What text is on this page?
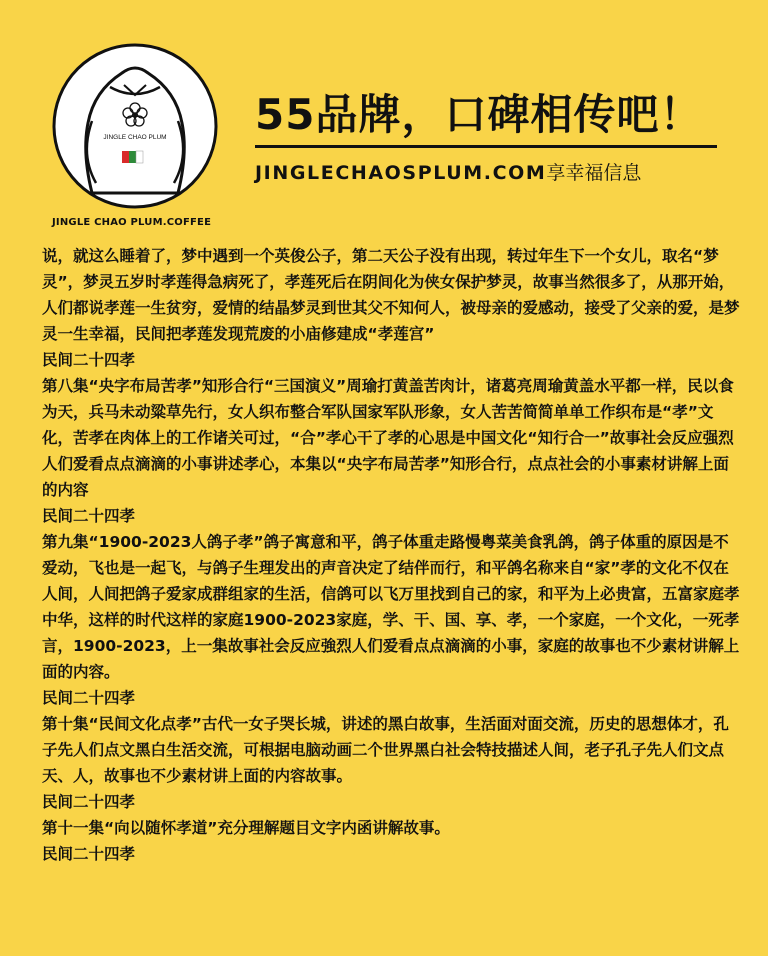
JINGLE CHAO PLUM
JINGLE CHAO PLUM.COFFEE
55品牌，口碑相传吧！
JINGLECHAOSPLUM.COM享幸福信息

说，就这么睡着了，梦中遇到一个英俊公子，第二天公子没有出现，转过年生下一个女儿，取名“梦灵”，梦灵五岁时孝莲得急病死了，孝莲死后在阴间化为侠女保护梦灵，故事当然很多了，从那开始，人们都说孝莲一生贫穷，爱情的结晶梦灵到世其父不知何人，被母亲的爱感动，接受了父亲的爱，是梦灵一生幸福，民间把孝莲发现荒废的小庙修建成“孝莲宫”

民间二十四孝

第八集“央字布局苦孝”知形合行“三国演义”周瑜打黄盖苦肉计，诸葛亮周瑜黄盖水平都一样，民以食为天，兵马未动粱草先行，女人织布整合军队国家军队形象，女人苦苦简简单单工作织布是“孝”文化，苦孝在肉体上的工作诸关可过，“合”孝心干了孝的心思是中国文化“知行合一”故事社会反应强烈人们爱看点点滴滴的小事讲述孝心，本集以“央字布局苦孝”知形合行，点点社会的小事素材讲解上面的内容

民间二十四孝

第九集“1900-2023人鸽子孝”鸽子寓意和平，鸽子体重走路慢粤菜美食乳鸽，鸽子体重的原因是不爱动，飞也是一起飞，与鸽子生理发出的声音决定了结伴而行，和平鸽名称来自“家”孝的文化不仅在人间，人间把鸽子爱家成群组家的生活，信鸽可以飞万里找到自己的家，和平为上必贵富，五富家庭孝中华，这样的时代这样的家庭1900-2023家庭，学、干、国、享、孝，一个家庭，一个文化，一死孝言，1900-2023，上一集故事社会反应強烈人们爱看点点滴滴的小事，家庭的故事也不少素材讲解上面的内容。

民间二十四孝

第十集“民间文化点孝”古代一女子哭长城，讲述的黑白故事，生活面对面交流，历史的思想体才，孔子先人们点文黑白生活交流，可根据电脑动画二个世界黑白社会特技描述人间，老子孔子先人们文点天、人，故事也不少素材讲上面的内容故事。

民间二十四孝

第十一集“向以随怀孝道”充分理解题目文字内函讲解故事。

民间二十四孝
